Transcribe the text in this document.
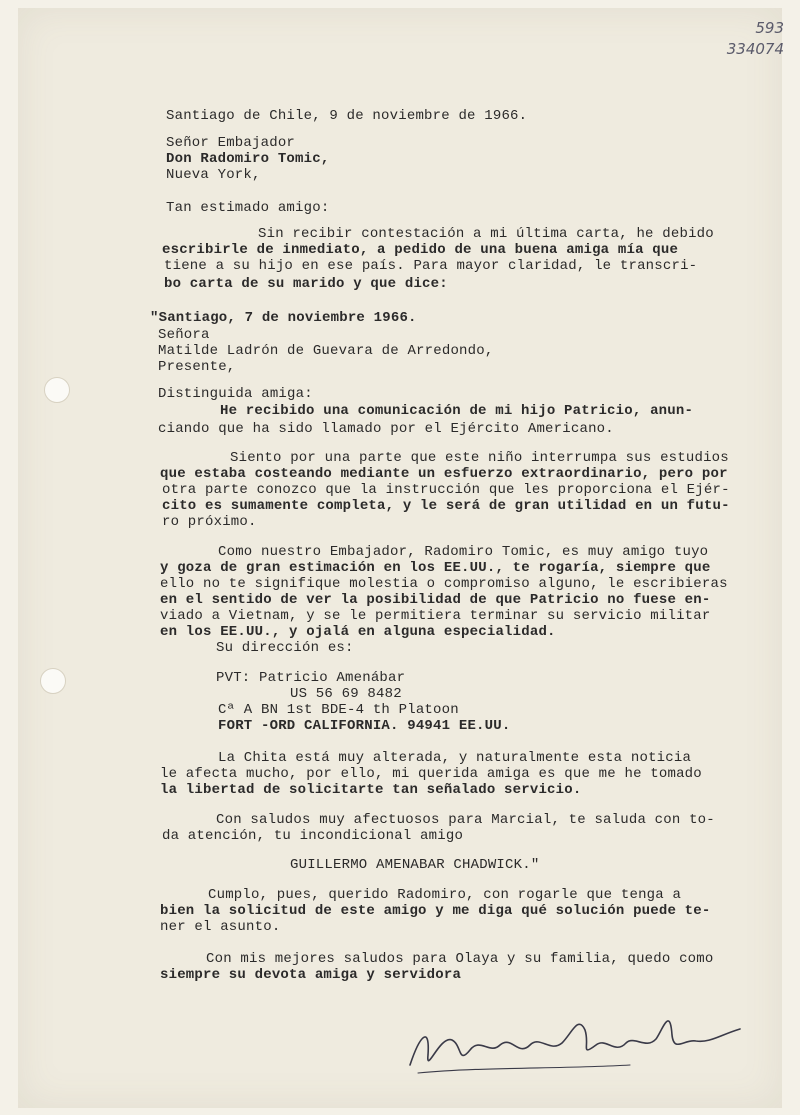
593
334074
Santiago de Chile, 9 de noviembre de 1966.
Señor Embajador
Don Radomiro Tomic,
Nueva York,
Tan estimado amigo:
Sin recibir contestación a mi última carta, he debido
escribirle de inmediato, a pedido de una buena amiga mía que
tiene a su hijo en ese país. Para mayor claridad, le transcri-
bo carta de su marido y que dice:
"Santiago, 7 de noviembre 1966.
Señora
Matilde Ladrón de Guevara de Arredondo,
Presente,
Distinguida amiga:
He recibido una comunicación de mi hijo Patricio, anun-
ciando que ha sido llamado por el Ejército Americano.
Siento por una parte que este niño interrumpa sus estudios
que estaba costeando mediante un esfuerzo extraordinario, pero por
otra parte conozco que la instrucción que les proporciona el Ejér-
cito es sumamente completa, y le será de gran utilidad en un futu-
ro próximo.
Como nuestro Embajador, Radomiro Tomic, es muy amigo tuyo
y goza de gran estimación en los EE.UU., te rogaría, siempre que
ello no te signifique molestia o compromiso alguno, le escribieras
en el sentido de ver la posibilidad de que Patricio no fuese en-
viado a Vietnam, y se le permitiera terminar su servicio militar
en los EE.UU., y ojalá en alguna especialidad.
Su dirección es:
PVT: Patricio Amenábar
US 56 69 8482
Cª A BN 1st BDE-4 th Platoon
FORT -ORD CALIFORNIA. 94941 EE.UU.
La Chita está muy alterada, y naturalmente esta noticia
le afecta mucho, por ello, mi querida amiga es que me he tomado
la libertad de solicitarte tan señalado servicio.
Con saludos muy afectuosos para Marcial, te saluda con to-
da atención, tu incondicional amigo
GUILLERMO AMENABAR CHADWICK."
Cumplo, pues, querido Radomiro, con rogarle que tenga a
bien la solicitud de este amigo y me diga qué solución puede te-
ner el asunto.
Con mis mejores saludos para Olaya y su familia, quedo como
siempre su devota amiga y servidora
